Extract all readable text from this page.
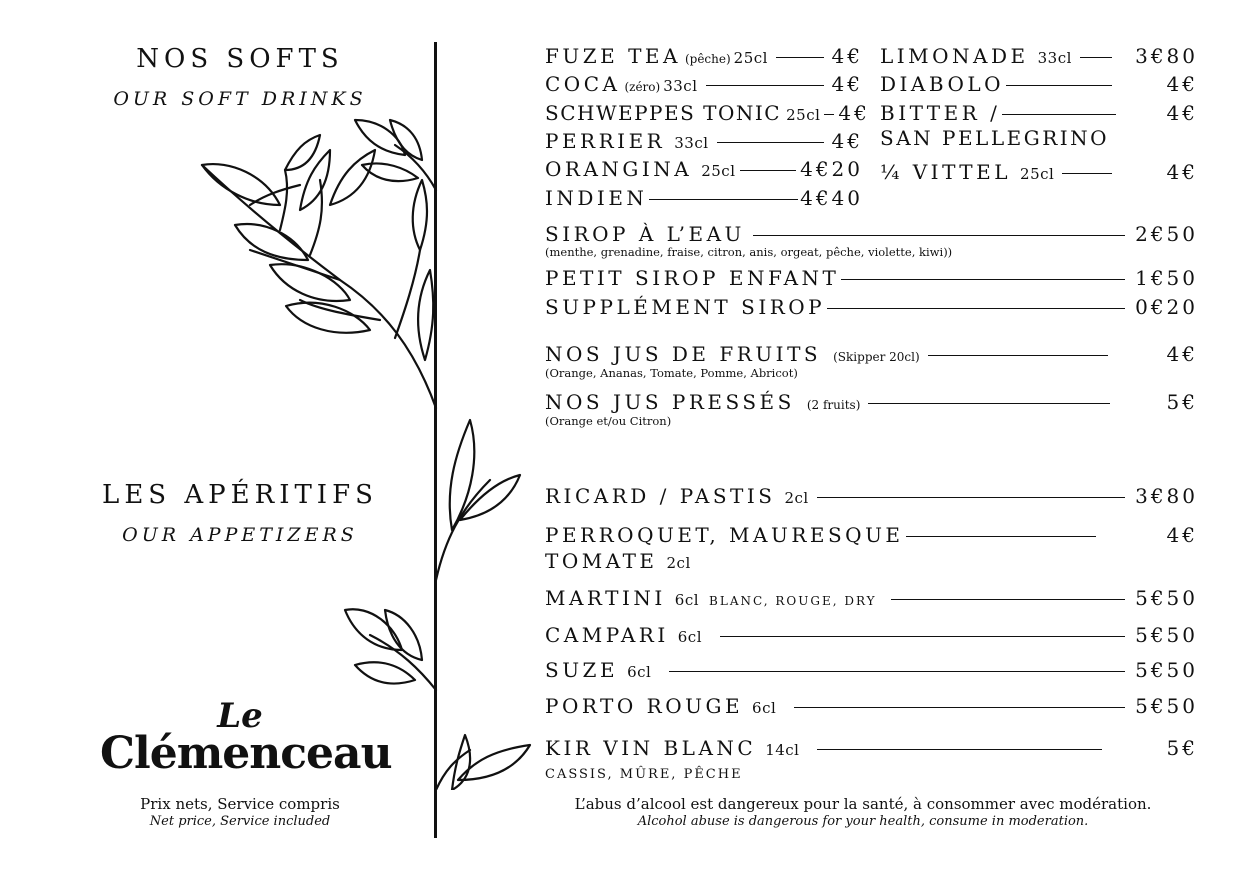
NOS SOFTS
OUR SOFT DRINKS
LES APÉRITIFS
OUR APPETIZERS
Le
Clémenceau
Prix nets, Service compris
Net price, Service included
FUZE TEA (pêche) 25cl	4€
COCA (zéro) 33cl	4€
SCHWEPPES TONIC 25cl 4€
PERRIER 33cl	4€
ORANGINA 25cl	4€20
INDIEN	4€40
LIMONADE 33cl	3€80
DIABOLO	4€
BITTER /	4€
SAN PELLEGRINO
¼ VITTEL 25cl	4€
SIROP À L’EAU	2€50
(menthe, grenadine, fraise, citron, anis, orgeat, pêche, violette, kiwi))
PETIT SIROP ENFANT	1€50
SUPPLÉMENT SIROP	0€20
NOS JUS DE FRUITS (Skipper 20cl)	4€
(Orange, Ananas, Tomate, Pomme, Abricot)
NOS JUS PRESSÉS (2 fruits)	5€
(Orange et/ou Citron)
RICARD / PASTIS 2cl	3€80
PERROQUET, MAURESQUE	4€
TOMATE 2cl
MARTINI 6cl BLANC, ROUGE, DRY	5€50
CAMPARI 6cl	5€50
SUZE 6cl	5€50
PORTO ROUGE 6cl	5€50
KIR VIN BLANC 14cl	5€
CASSIS, MÛRE, PÊCHE
L’abus d’alcool est dangereux pour la santé, à consommer avec modération.
Alcohol abuse is dangerous for your health, consume in moderation.
